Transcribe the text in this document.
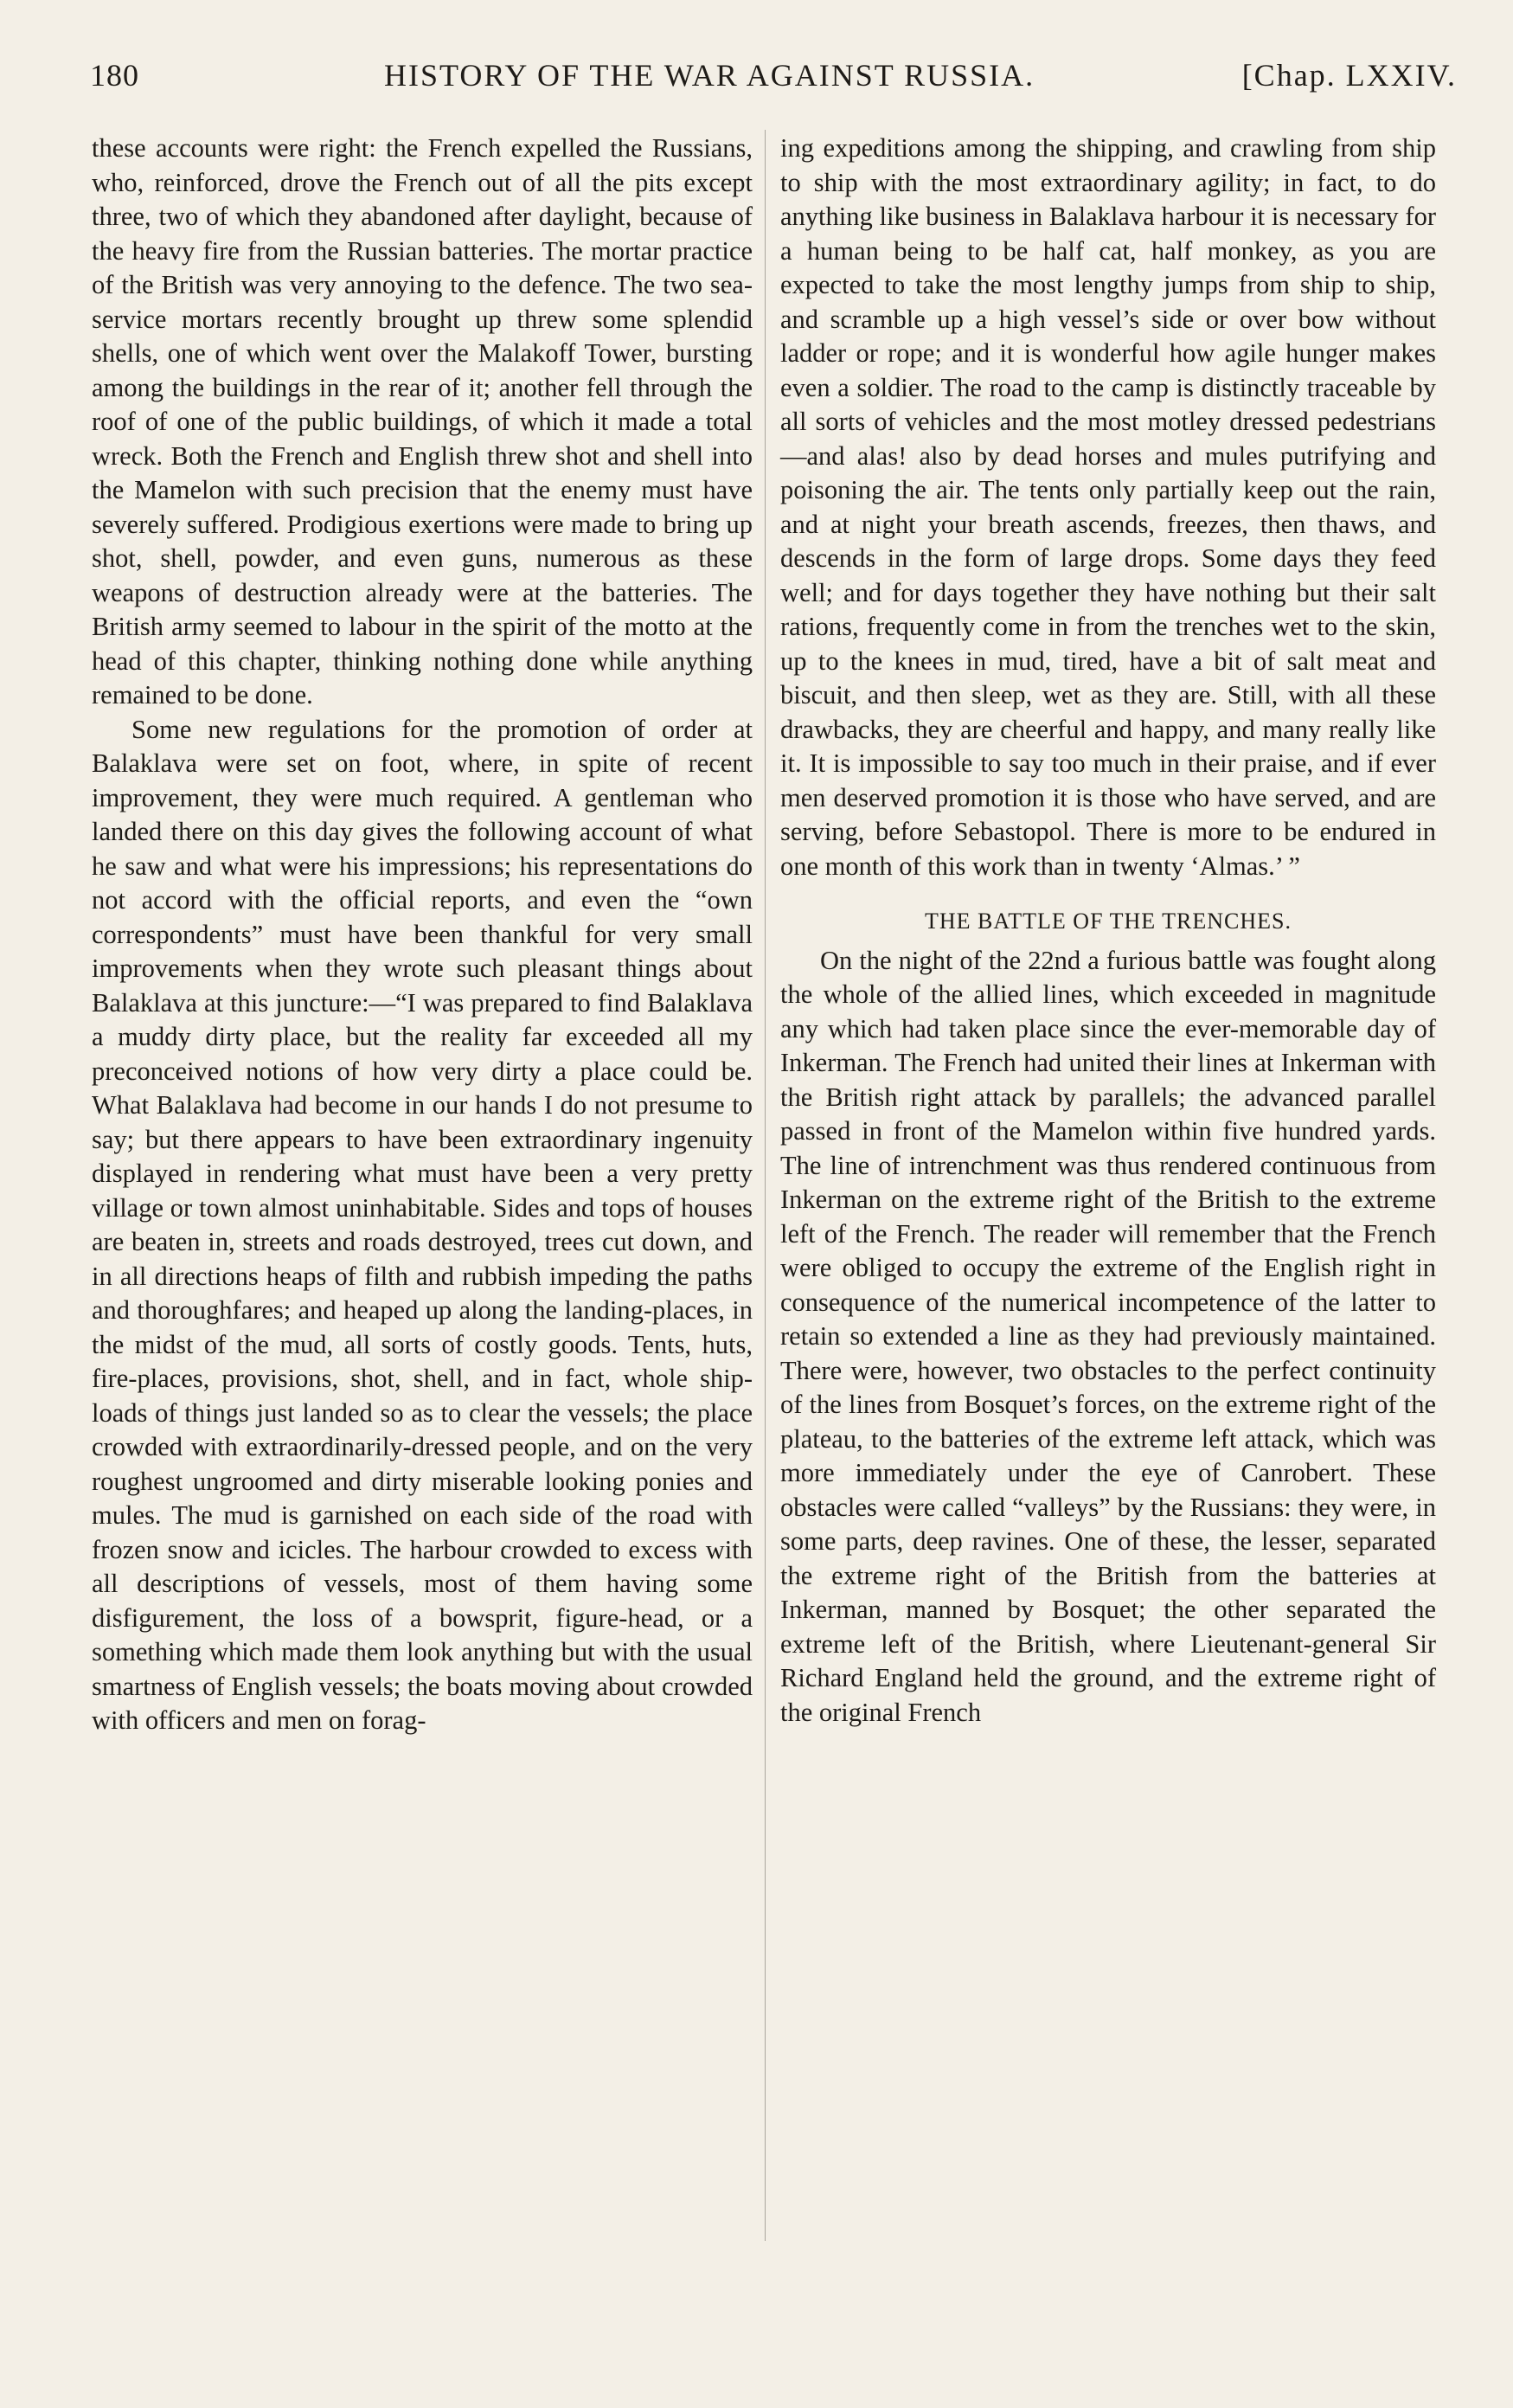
180	HISTORY OF THE WAR AGAINST RUSSIA.	[Chap. LXXIV.

these accounts were right: the French expelled the Russians, who, reinforced, drove the French out of all the pits except three, two of which they abandoned after daylight, because of the heavy fire from the Russian batteries. The mortar practice of the British was very annoying to the defence. The two sea-service mortars recently brought up threw some splendid shells, one of which went over the Malakoff Tower, bursting among the buildings in the rear of it; another fell through the roof of one of the public buildings, of which it made a total wreck. Both the French and English threw shot and shell into the Mamelon with such precision that the enemy must have severely suffered. Prodigious exertions were made to bring up shot, shell, powder, and even guns, numerous as these weapons of destruction already were at the batteries. The British army seemed to labour in the spirit of the motto at the head of this chapter, thinking nothing done while anything remained to be done.

Some new regulations for the promotion of order at Balaklava were set on foot, where, in spite of recent improvement, they were much required. A gentleman who landed there on this day gives the following account of what he saw and what were his impressions; his representations do not accord with the official reports, and even the “own correspondents” must have been thankful for very small improvements when they wrote such pleasant things about Balaklava at this juncture:—“I was prepared to find Balaklava a muddy dirty place, but the reality far exceeded all my preconceived notions of how very dirty a place could be. What Balaklava had become in our hands I do not presume to say; but there appears to have been extraordinary ingenuity displayed in rendering what must have been a very pretty village or town almost uninhabitable. Sides and tops of houses are beaten in, streets and roads destroyed, trees cut down, and in all directions heaps of filth and rubbish impeding the paths and thoroughfares; and heaped up along the landing-places, in the midst of the mud, all sorts of costly goods. Tents, huts, fire-places, provisions, shot, shell, and in fact, whole ship-loads of things just landed so as to clear the vessels; the place crowded with extraordinarily-dressed people, and on the very roughest ungroomed and dirty miserable looking ponies and mules. The mud is garnished on each side of the road with frozen snow and icicles. The harbour crowded to excess with all descriptions of vessels, most of them having some disfigurement, the loss of a bowsprit, figure-head, or a something which made them look anything but with the usual smartness of English vessels; the boats moving about crowded with officers and men on forag-

ing expeditions among the shipping, and crawling from ship to ship with the most extraordinary agility; in fact, to do anything like business in Balaklava harbour it is necessary for a human being to be half cat, half monkey, as you are expected to take the most lengthy jumps from ship to ship, and scramble up a high vessel’s side or over bow without ladder or rope; and it is wonderful how agile hunger makes even a soldier. The road to the camp is distinctly traceable by all sorts of vehicles and the most motley dressed pedestrians—and alas! also by dead horses and mules putrifying and poisoning the air. The tents only partially keep out the rain, and at night your breath ascends, freezes, then thaws, and descends in the form of large drops. Some days they feed well; and for days together they have nothing but their salt rations, frequently come in from the trenches wet to the skin, up to the knees in mud, tired, have a bit of salt meat and biscuit, and then sleep, wet as they are. Still, with all these drawbacks, they are cheerful and happy, and many really like it. It is impossible to say too much in their praise, and if ever men deserved promotion it is those who have served, and are serving, before Sebastopol. There is more to be endured in one month of this work than in twenty ‘Almas.’ ”

THE BATTLE OF THE TRENCHES.

On the night of the 22nd a furious battle was fought along the whole of the allied lines, which exceeded in magnitude any which had taken place since the ever-memorable day of Inkerman. The French had united their lines at Inkerman with the British right attack by parallels; the advanced parallel passed in front of the Mamelon within five hundred yards. The line of intrenchment was thus rendered continuous from Inkerman on the extreme right of the British to the extreme left of the French. The reader will remember that the French were obliged to occupy the extreme of the English right in consequence of the numerical incompetence of the latter to retain so extended a line as they had previously maintained. There were, however, two obstacles to the perfect continuity of the lines from Bosquet’s forces, on the extreme right of the plateau, to the batteries of the extreme left attack, which was more immediately under the eye of Canrobert. These obstacles were called “valleys” by the Russians: they were, in some parts, deep ravines. One of these, the lesser, separated the extreme right of the British from the batteries at Inkerman, manned by Bosquet; the other separated the extreme left of the British, where Lieutenant-general Sir Richard England held the ground, and the extreme right of the original French
